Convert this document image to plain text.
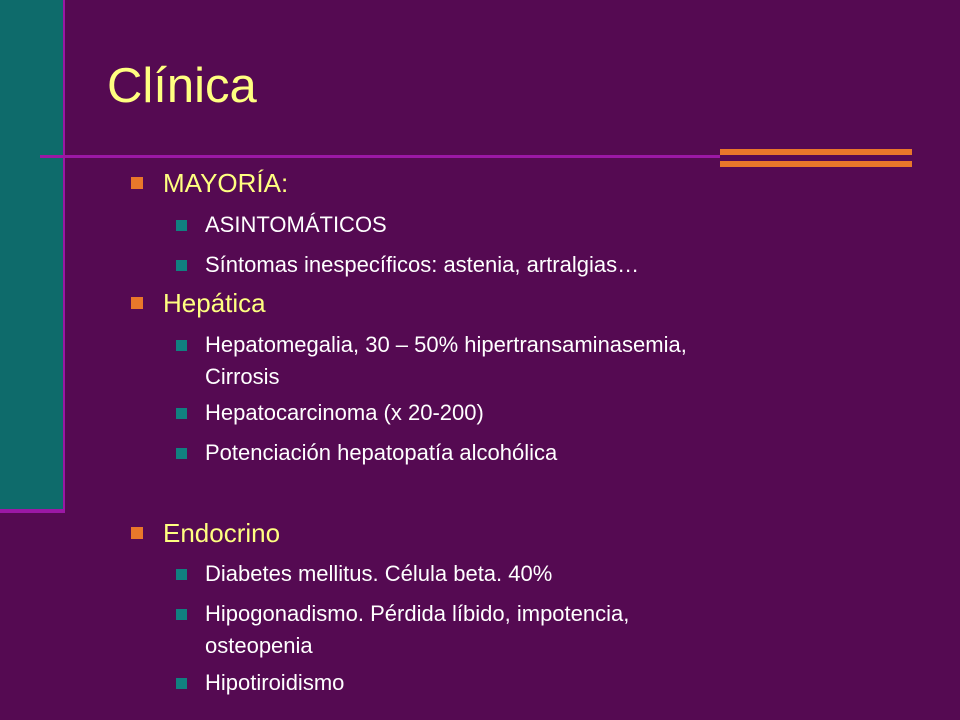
Clínica
MAYORÍA:
ASINTOMÁTICOS
Síntomas inespecíficos: astenia, artralgias…
Hepática
Hepatomegalia, 30 – 50% hipertransaminasemia,
Cirrosis
Hepatocarcinoma (x 20-200)
Potenciación hepatopatía alcohólica
Endocrino
Diabetes mellitus. Célula beta. 40%
Hipogonadismo. Pérdida líbido, impotencia,
osteopenia
Hipotiroidismo
